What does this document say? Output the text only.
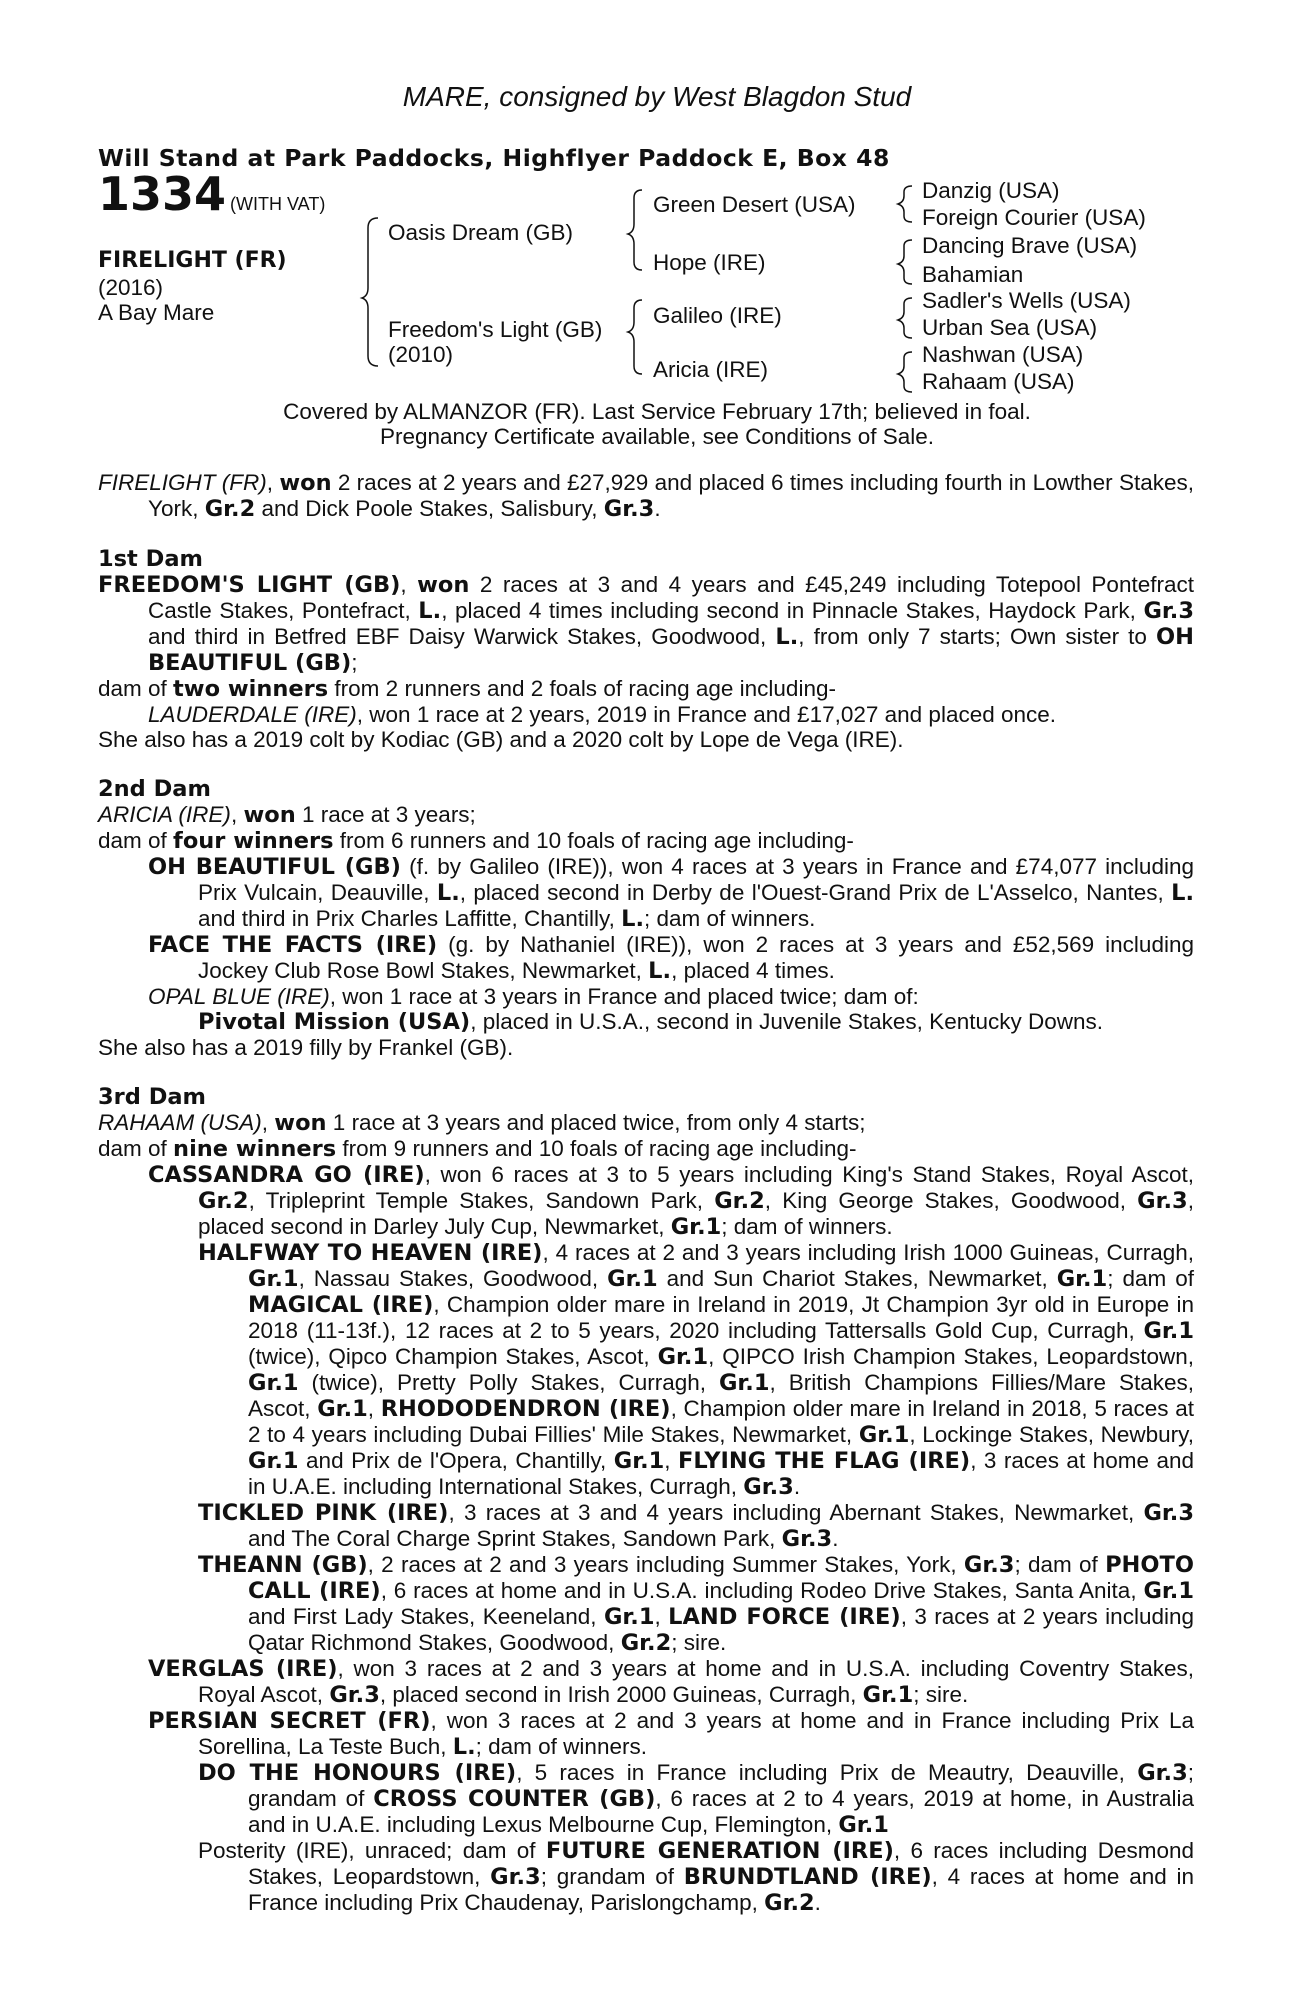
MARE, consigned by West Blagdon Stud
Will Stand at Park Paddocks, Highflyer Paddock E, Box 48
1334 (WITH VAT)
FIRELIGHT (FR)
(2016)
A Bay Mare
Oasis Dream (GB)
Freedom's Light (GB)
(2010)
Green Desert (USA)
Hope (IRE)
Galileo (IRE)
Aricia (IRE)
Danzig (USA)
Foreign Courier (USA)
Dancing Brave (USA)
Bahamian
Sadler's Wells (USA)
Urban Sea (USA)
Nashwan (USA)
Rahaam (USA)
Covered by ALMANZOR (FR). Last Service February 17th; believed in foal.
Pregnancy Certificate available, see Conditions of Sale.

FIRELIGHT (FR), won 2 races at 2 years and £27,929 and placed 6 times including fourth in Lowther Stakes, York, Gr.2 and Dick Poole Stakes, Salisbury, Gr.3.

1st Dam

FREEDOM'S LIGHT (GB), won 2 races at 3 and 4 years and £45,249 including Totepool Pontefract Castle Stakes, Pontefract, L., placed 4 times including second in Pinnacle Stakes, Haydock Park, Gr.3 and third in Betfred EBF Daisy Warwick Stakes, Goodwood, L., from only 7 starts; Own sister to OH BEAUTIFUL (GB);

dam of two winners from 2 runners and 2 foals of racing age including-

LAUDERDALE (IRE), won 1 race at 2 years, 2019 in France and £17,027 and placed once.

She also has a 2019 colt by Kodiac (GB) and a 2020 colt by Lope de Vega (IRE).

2nd Dam

ARICIA (IRE), won 1 race at 3 years;

dam of four winners from 6 runners and 10 foals of racing age including-

OH BEAUTIFUL (GB) (f. by Galileo (IRE)), won 4 races at 3 years in France and £74,077 including Prix Vulcain, Deauville, L., placed second in Derby de l'Ouest-Grand Prix de L'Asselco, Nantes, L. and third in Prix Charles Laffitte, Chantilly, L.; dam of winners.

FACE THE FACTS (IRE) (g. by Nathaniel (IRE)), won 2 races at 3 years and £52,569 including Jockey Club Rose Bowl Stakes, Newmarket, L., placed 4 times.

OPAL BLUE (IRE), won 1 race at 3 years in France and placed twice; dam of:

Pivotal Mission (USA), placed in U.S.A., second in Juvenile Stakes, Kentucky Downs.

She also has a 2019 filly by Frankel (GB).

3rd Dam

RAHAAM (USA), won 1 race at 3 years and placed twice, from only 4 starts;

dam of nine winners from 9 runners and 10 foals of racing age including-

CASSANDRA GO (IRE), won 6 races at 3 to 5 years including King's Stand Stakes, Royal Ascot, Gr.2, Tripleprint Temple Stakes, Sandown Park, Gr.2, King George Stakes, Goodwood, Gr.3, placed second in Darley July Cup, Newmarket, Gr.1; dam of winners.

HALFWAY TO HEAVEN (IRE), 4 races at 2 and 3 years including Irish 1000 Guineas, Curragh, Gr.1, Nassau Stakes, Goodwood, Gr.1 and Sun Chariot Stakes, Newmarket, Gr.1; dam of MAGICAL (IRE), Champion older mare in Ireland in 2019, Jt Champion 3yr old in Europe in 2018 (11-13f.), 12 races at 2 to 5 years, 2020 including Tattersalls Gold Cup, Curragh, Gr.1 (twice), Qipco Champion Stakes, Ascot, Gr.1, QIPCO Irish Champion Stakes, Leopardstown, Gr.1 (twice), Pretty Polly Stakes, Curragh, Gr.1, British Champions Fillies/Mare Stakes, Ascot, Gr.1, RHODODENDRON (IRE), Champion older mare in Ireland in 2018, 5 races at 2 to 4 years including Dubai Fillies' Mile Stakes, Newmarket, Gr.1, Lockinge Stakes, Newbury, Gr.1 and Prix de l'Opera, Chantilly, Gr.1, FLYING THE FLAG (IRE), 3 races at home and in U.A.E. including International Stakes, Curragh, Gr.3.

TICKLED PINK (IRE), 3 races at 3 and 4 years including Abernant Stakes, Newmarket, Gr.3 and The Coral Charge Sprint Stakes, Sandown Park, Gr.3.

THEANN (GB), 2 races at 2 and 3 years including Summer Stakes, York, Gr.3; dam of PHOTO CALL (IRE), 6 races at home and in U.S.A. including Rodeo Drive Stakes, Santa Anita, Gr.1 and First Lady Stakes, Keeneland, Gr.1, LAND FORCE (IRE), 3 races at 2 years including Qatar Richmond Stakes, Goodwood, Gr.2; sire.

VERGLAS (IRE), won 3 races at 2 and 3 years at home and in U.S.A. including Coventry Stakes, Royal Ascot, Gr.3, placed second in Irish 2000 Guineas, Curragh, Gr.1; sire.

PERSIAN SECRET (FR), won 3 races at 2 and 3 years at home and in France including Prix La Sorellina, La Teste Buch, L.; dam of winners.

DO THE HONOURS (IRE), 5 races in France including Prix de Meautry, Deauville, Gr.3; grandam of CROSS COUNTER (GB), 6 races at 2 to 4 years, 2019 at home, in Australia and in U.A.E. including Lexus Melbourne Cup, Flemington, Gr.1

Posterity (IRE), unraced; dam of FUTURE GENERATION (IRE), 6 races including Desmond Stakes, Leopardstown, Gr.3; grandam of BRUNDTLAND (IRE), 4 races at home and in France including Prix Chaudenay, Parislongchamp, Gr.2.
